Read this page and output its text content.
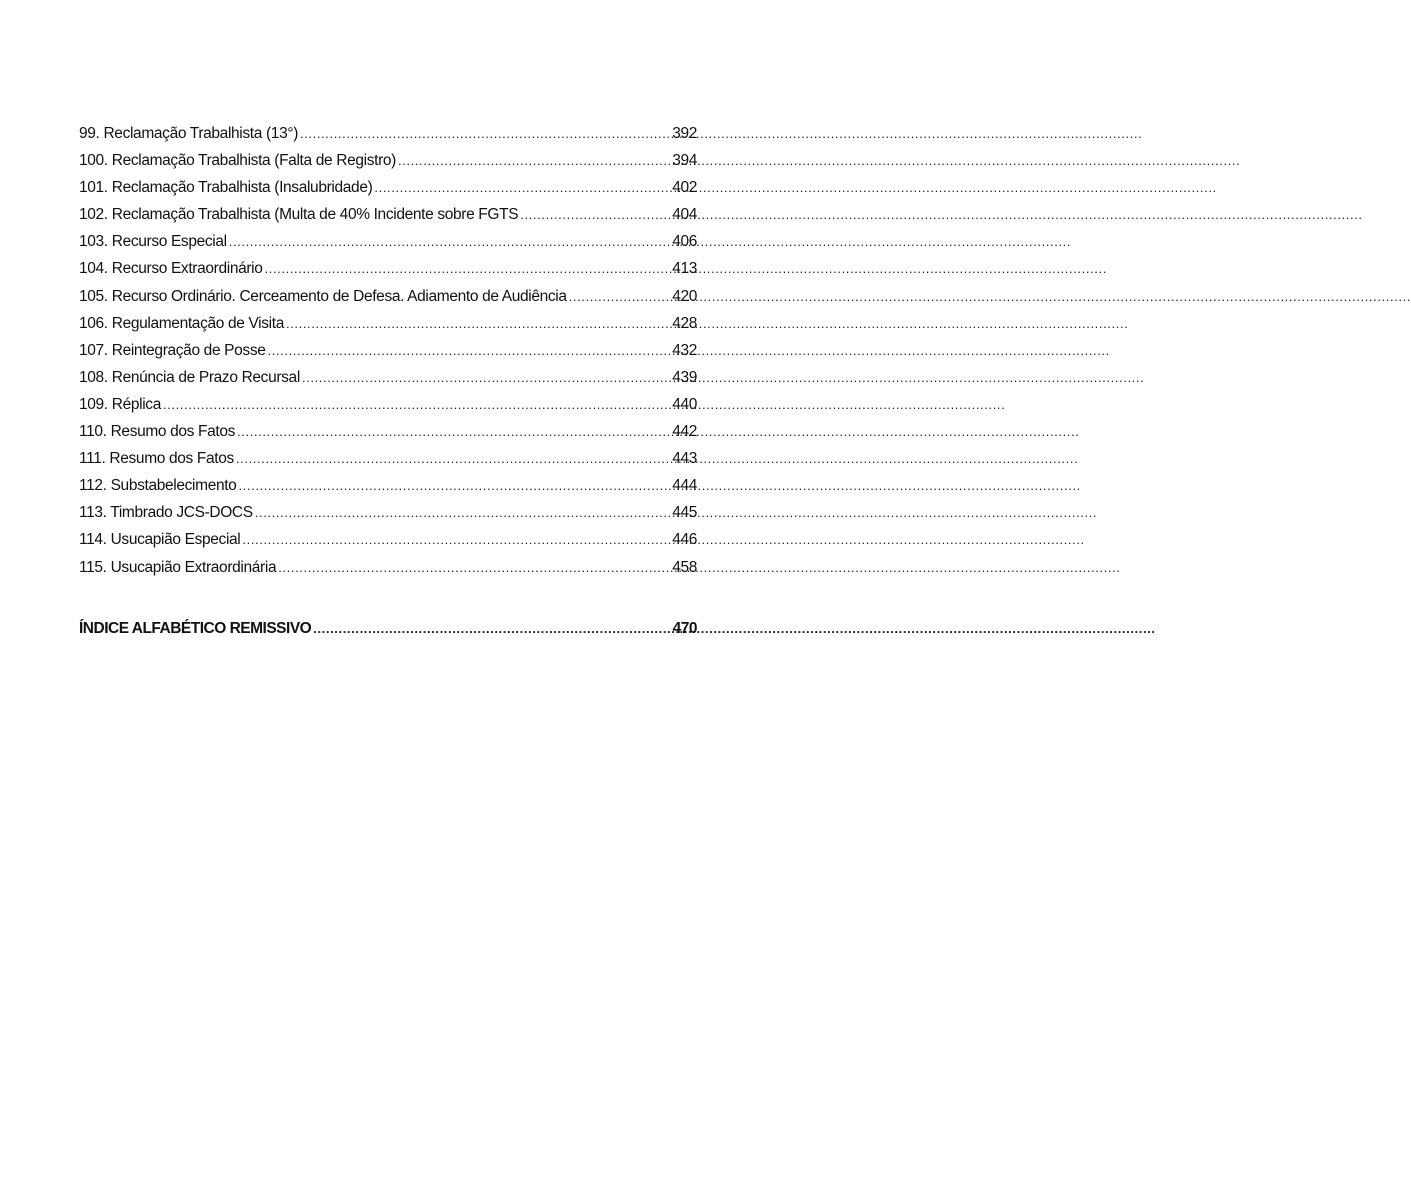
99. Reclamação Trabalhista (13°) .....	392
100. Reclamação Trabalhista (Falta de Registro) .....	394
101. Reclamação Trabalhista (Insalubridade) .....	402
102. Reclamação Trabalhista (Multa de 40% Incidente sobre FGTS .....	404
103. Recurso Especial .....	406
104. Recurso Extraordinário .....	413
105. Recurso Ordinário. Cerceamento de Defesa. Adiamento de Audiência .....	420
106. Regulamentação de Visita .....	428
107. Reintegração de Posse .....	432
108. Renúncia de Prazo Recursal .....	439
109. Réplica .....	440
110. Resumo dos Fatos .....	442
111. Resumo dos Fatos .....	443
112. Substabelecimento .....	444
113. Timbrado JCS-DOCS .....	445
114. Usucapião Especial .....	446
115. Usucapião Extraordinária .....	458
ÍNDICE ALFABÉTICO REMISSIVO .....	470
